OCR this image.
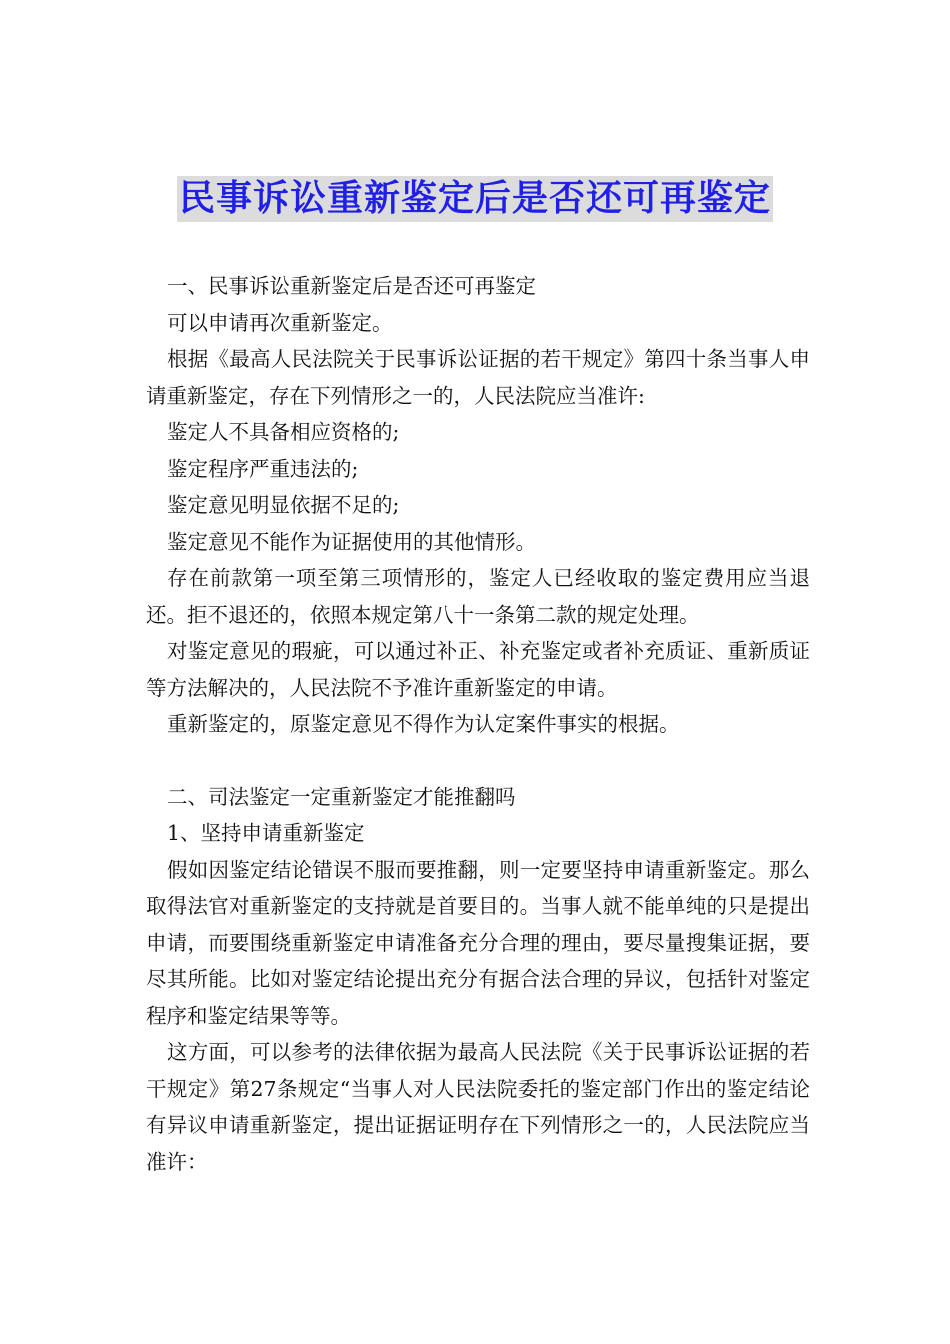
民事诉讼重新鉴定后是否还可再鉴定

一、民事诉讼重新鉴定后是否还可再鉴定

可以申请再次重新鉴定。

根据《最高人民法院关于民事诉讼证据的若干规定》第四十条当事人申请重新鉴定，存在下列情形之一的，人民法院应当准许:

鉴定人不具备相应资格的;

鉴定程序严重违法的;

鉴定意见明显依据不足的;

鉴定意见不能作为证据使用的其他情形。

存在前款第一项至第三项情形的，鉴定人已经收取的鉴定费用应当退还。拒不退还的，依照本规定第八十一条第二款的规定处理。

对鉴定意见的瑕疵，可以通过补正、补充鉴定或者补充质证、重新质证等方法解决的，人民法院不予准许重新鉴定的申请。

重新鉴定的，原鉴定意见不得作为认定案件事实的根据。

二、司法鉴定一定重新鉴定才能推翻吗

1、坚持申请重新鉴定

假如因鉴定结论错误不服而要推翻，则一定要坚持申请重新鉴定。那么取得法官对重新鉴定的支持就是首要目的。当事人就不能单纯的只是提出申请，而要围绕重新鉴定申请准备充分合理的理由，要尽量搜集证据，要尽其所能。比如对鉴定结论提出充分有据合法合理的异议，包括针对鉴定程序和鉴定结果等等。

这方面，可以参考的法律依据为最高人民法院《关于民事诉讼证据的若干规定》第27条规定“当事人对人民法院委托的鉴定部门作出的鉴定结论有异议申请重新鉴定，提出证据证明存在下列情形之一的，人民法院应当准许：
